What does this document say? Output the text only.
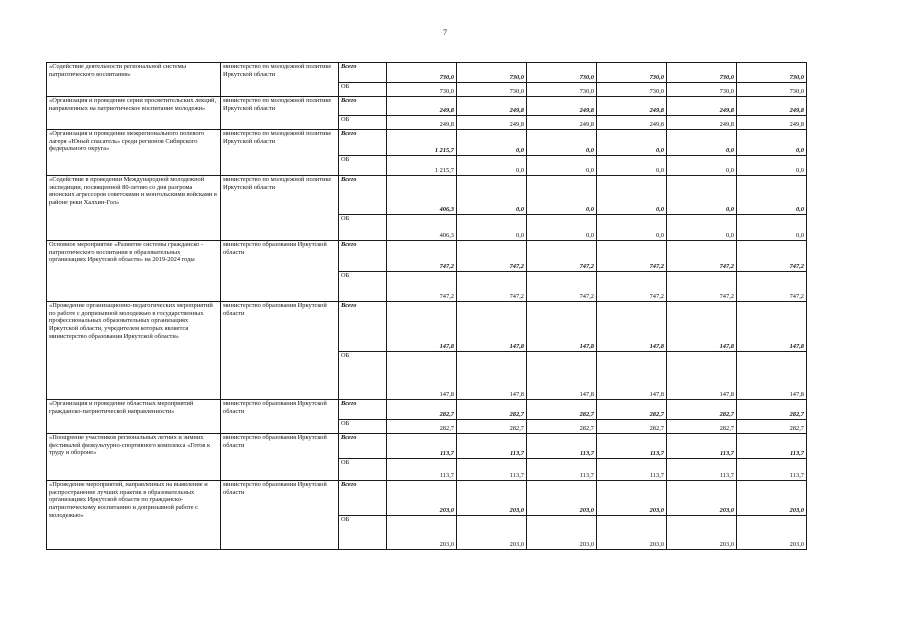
7
«Содействие деятельности региональной системы патриотического воспитания»	министерство по молодежной политике Иркутской области	Всего	730,0	730,0	730,0	730,0	730,0	730,0
		ОБ	730,0	730,0	730,0	730,0	730,0	730,0
«Организация и проведение серии просветительских лекций, направленных на патриотическое воспитание молодежи»	министерство по молодежной политике Иркутской области	Всего	249,8	249,8	249,8	249,8	249,8	249,8
		ОБ	249,8	249,8	249,8	249,8	249,8	249,8
«Организация и проведение межрегионального полевого лагеря «Юный спасатель» среди регионов Сибирского федерального округа»	министерство по молодежной политике Иркутской области	Всего	1 215,7	0,0	0,0	0,0	0,0	0,0
		ОБ	1 215,7	0,0	0,0	0,0	0,0	0,0
«Содействие в проведении Международной молодежной экспедиции, посвященной 80-летию со дня разгрома японских агрессоров советскими и монгольскими войсками в районе реки Халхин-Гол»	министерство по молодежной политике Иркутской области	Всего	406,3	0,0	0,0	0,0	0,0	0,0
		ОБ	406,3	0,0	0,0	0,0	0,0	0,0
Основное мероприятие «Развитие системы гражданско - патриотического воспитания в образовательных организациях Иркутской области» на 2019-2024 годы	министерство образования Иркутской области	Всего	747,2	747,2	747,2	747,2	747,2	747,2
		ОБ	747,2	747,2	747,2	747,2	747,2	747,2
«Проведение организационно-педагогических мероприятий по работе с допризывной молодежью в государственных профессиональных образовательных организациях Иркутской области, учредителем которых является министерство образования Иркутской области»	министерство образования Иркутской области	Всего	147,8	147,8	147,8	147,8	147,8	147,8
		ОБ	147,8	147,8	147,8	147,8	147,8	147,8
«Организация и проведение областных мероприятий гражданско-патриотической направленности»	министерство образования Иркутской области	Всего	282,7	282,7	282,7	282,7	282,7	282,7
		ОБ	282,7	282,7	282,7	282,7	282,7	282,7
«Поощрение участников региональных летних и зимних фестивалей физкультурно-спортивного комплекса «Готов к труду и обороне»	министерство образования Иркутской области	Всего	113,7	113,7	113,7	113,7	113,7	113,7
		ОБ	113,7	113,7	113,7	113,7	113,7	113,7
«Проведение мероприятий, направленных на выявление и распространение лучших практик в образовательных организациях Иркутской области по гражданско-патриотическому воспитанию и допризывной работе с молодежью»	министерство образования Иркутской области	Всего	203,0	203,0	203,0	203,0	203,0	203,0
		ОБ	203,0	203,0	203,0	203,0	203,0	203,0
